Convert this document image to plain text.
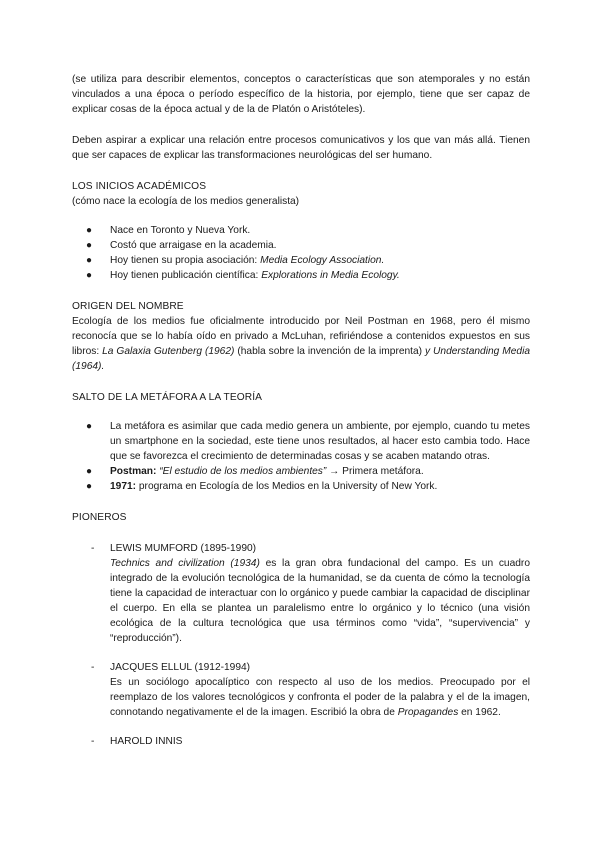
(se utiliza para describir elementos, conceptos o características que son atemporales y no están vinculados a una época o período específico de la historia, por ejemplo, tiene que ser capaz de explicar cosas de la época actual y de la de Platón o Aristóteles).

Deben aspirar a explicar una relación entre procesos comunicativos y los que van más allá. Tienen que ser capaces de explicar las transformaciones neurológicas del ser humano.

LOS INICIOS ACADÉMICOS

(cómo nace la ecología de los medios generalista)

● Nace en Toronto y Nueva York.
● Costó que arraigase en la academia.
● Hoy tienen su propia asociación: Media Ecology Association.
● Hoy tienen publicación científica: Explorations in Media Ecology.

ORIGEN DEL NOMBRE

Ecología de los medios fue oficialmente introducido por Neil Postman en 1968, pero él mismo reconocía que se lo había oído en privado a McLuhan, refiriéndose a contenidos expuestos en sus libros: La Galaxia Gutenberg (1962) (habla sobre la invención de la imprenta) y Understanding Media (1964).

SALTO DE LA METÁFORA A LA TEORÍA

● La metáfora es asimilar que cada medio genera un ambiente, por ejemplo, cuando tu metes un smartphone en la sociedad, este tiene unos resultados, al hacer esto cambia todo. Hace que se favorezca el crecimiento de determinadas cosas y se acaben matando otras.
● Postman: “El estudio de los medios ambientes” → Primera metáfora.
● 1971: programa en Ecología de los Medios en la University of New York.

PIONEROS

- LEWIS MUMFORD (1895-1990)

Technics and civilization (1934) es la gran obra fundacional del campo. Es un cuadro integrado de la evolución tecnológica de la humanidad, se da cuenta de cómo la tecnología tiene la capacidad de interactuar con lo orgánico y puede cambiar la capacidad de disciplinar el cuerpo. En ella se plantea un paralelismo entre lo orgánico y lo técnico (una visión ecológica de la cultura tecnológica que usa términos como “vida”, “supervivencia” y “reproducción”).

- JACQUES ELLUL (1912-1994)

Es un sociólogo apocalíptico con respecto al uso de los medios. Preocupado por el reemplazo de los valores tecnológicos y confronta el poder de la palabra y el de la imagen, connotando negativamente el de la imagen. Escribió la obra de Propagandes en 1962.

- HAROLD INNIS
